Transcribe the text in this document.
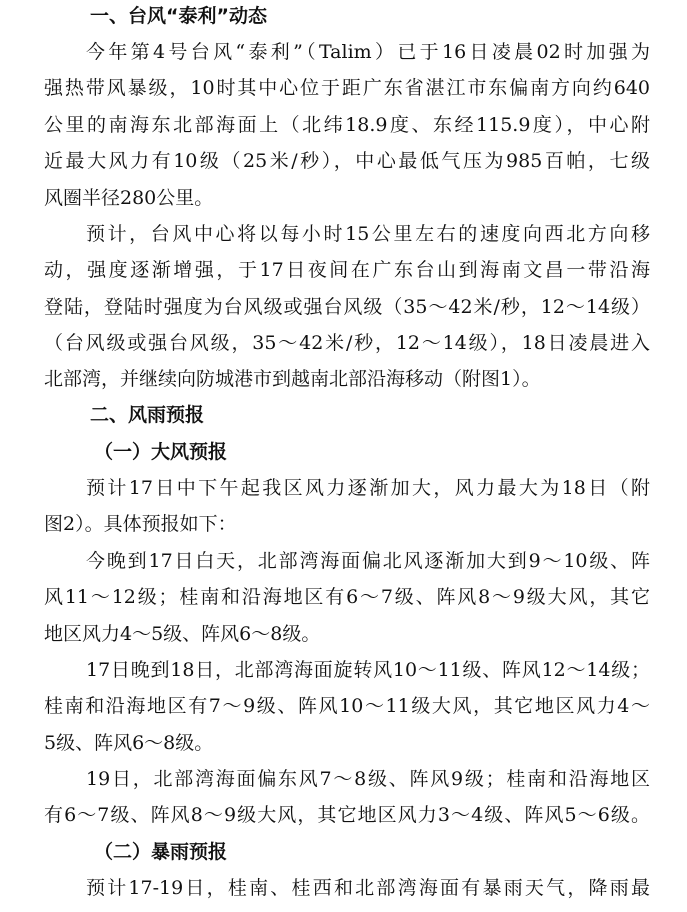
一、台风“泰利”动态
今年第4号台风“泰利”（Talim）已于16日凌晨02时加强为
强热带风暴级，10时其中心位于距广东省湛江市东偏南方向约640
公里的南海东北部海面上（北纬18.9度、东经115.9度），中心附
近最大风力有10级（25米/秒），中心最低气压为985百帕，七级
风圈半径280公里。
预计，台风中心将以每小时15公里左右的速度向西北方向移
动，强度逐渐增强，于17日夜间在广东台山到海南文昌一带沿海
登陆，登陆时强度为台风级或强台风级（35～42米/秒，12～14级）
（台风级或强台风级，35～42米/秒，12～14级），18日凌晨进入
北部湾，并继续向防城港市到越南北部沿海移动（附图1）。
二、风雨预报
（一）大风预报
预计17日中下午起我区风力逐渐加大，风力最大为18日（附
图2）。具体预报如下：
今晚到17日白天，北部湾海面偏北风逐渐加大到9～10级、阵
风11～12级；桂南和沿海地区有6～7级、阵风8～9级大风，其它
地区风力4～5级、阵风6～8级。
17日晚到18日，北部湾海面旋转风10～11级、阵风12～14级；
桂南和沿海地区有7～9级、阵风10～11级大风，其它地区风力4～
5级、阵风6～8级。
19日，北部湾海面偏东风7～8级、阵风9级；桂南和沿海地区
有6～7级、阵风8～9级大风，其它地区风力3～4级、阵风5～6级。
（二）暴雨预报
预计17-19日，桂南、桂西和北部湾海面有暴雨天气，降雨最
